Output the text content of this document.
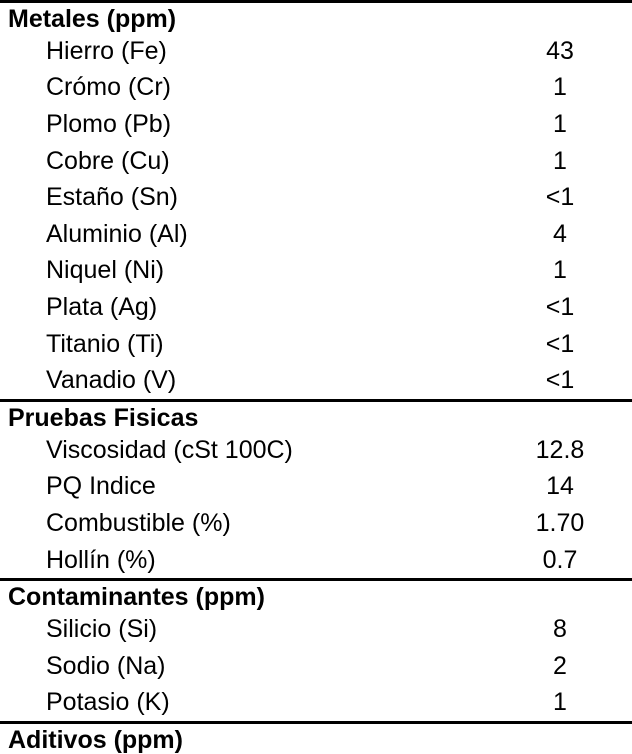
Metales (ppm)
Hierro (Fe)	43
Crómo (Cr)	1
Plomo (Pb)	1
Cobre (Cu)	1
Estaño (Sn)	<1
Aluminio (Al)	4
Niquel (Ni)	1
Plata (Ag)	<1
Titanio (Ti)	<1
Vanadio (V)	<1
Pruebas Fisicas
Viscosidad (cSt 100C)	12.8
PQ Indice	14
Combustible (%)	1.70
Hollín (%)	0.7
Contaminantes (ppm)
Silicio (Si)	8
Sodio (Na)	2
Potasio (K)	1
Aditivos (ppm)
